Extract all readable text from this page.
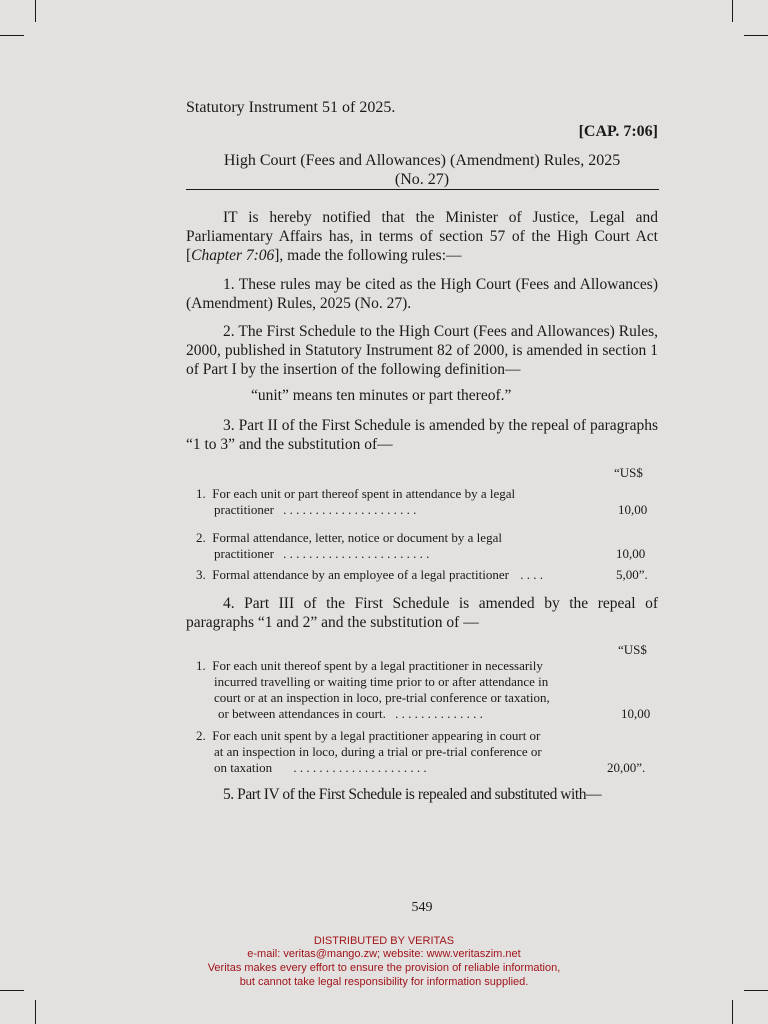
Statutory Instrument 51 of 2025.
[CAP. 7:06]
High Court (Fees and Allowances) (Amendment) Rules, 2025
(No. 27)

IT is hereby notified that the Minister of Justice, Legal and Parliamentary Affairs has, in terms of section 57 of the High Court Act [Chapter 7:06], made the following rules:—

1. These rules may be cited as the High Court (Fees and Allowances) (Amendment) Rules, 2025 (No. 27).

2. The First Schedule to the High Court (Fees and Allowances) Rules, 2000, published in Statutory Instrument 82 of 2000, is amended in section 1 of Part I by the insertion of the following definition—

“unit” means ten minutes or part thereof.”

3. Part II of the First Schedule is amended by the repeal of paragraphs “1 to 3” and the substitution of—

“US$
1. For each unit or part thereof spent in attendance by a legal
practitioner . . . . . . . . . . . . . . . . . . . . .	10,00
2. Formal attendance, letter, notice or document by a legal
practitioner . . . . . . . . . . . . . . . . . . . . . . .	10,00
3. Formal attendance by an employee of a legal practitioner . . . .	5,00”.

4. Part III of the First Schedule is amended by the repeal of paragraphs “1 and 2” and the substitution of —

“US$
1. For each unit thereof spent by a legal practitioner in necessarily
incurred travelling or waiting time prior to or after attendance in
court or at an inspection in loco, pre-trial conference or taxation,
or between attendances in court. . . . . . . . . . . . . . .	10,00
2. For each unit spent by a legal practitioner appearing in court or
at an inspection in loco, during a trial or pre-trial conference or
on taxation . . . . . . . . . . . . . . . . . . . . .	20,00”.
5. Part IV of the First Schedule is repealed and substituted with—
549
DISTRIBUTED BY VERITAS
e-mail: veritas@mango.zw; website: www.veritaszim.net
Veritas makes every effort to ensure the provision of reliable information,
but cannot take legal responsibility for information supplied.
